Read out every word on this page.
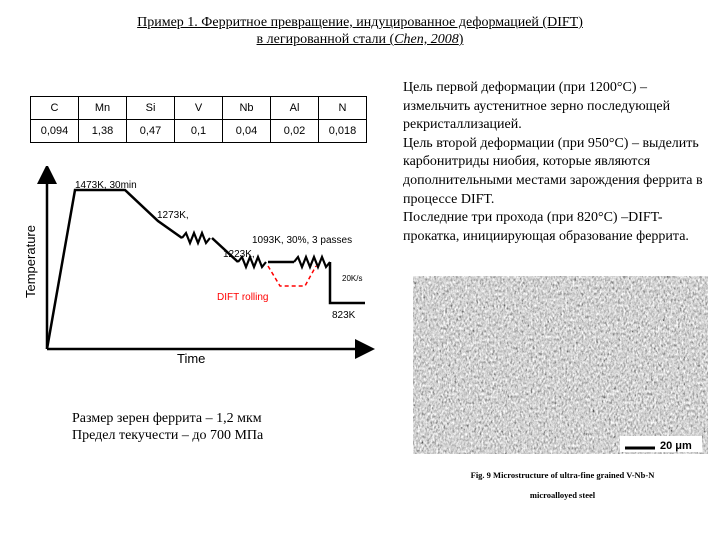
Пример 1. Ферритное превращение, индуцированное деформацией (DIFT)
в легированной стали (Chen, 2008)
C	Mn	Si	V	Nb	Al	N
0,094	1,38	0,47	0,1	0,04	0,02	0,018
1473K, 30min
1273K,
1093K, 30%, 3 passes
1223K,
20K/s
823K
DIFT rolling
Time
Temperature

Цель первой деформации (при 1200°С) – измельчить аустенитное зерно последующей рекристаллизацией.

Цель второй деформации (при 950°С) – выделить карбонитриды ниобия, которые являются дополнительными местами зарождения феррита в процессе DIFT.

Последние три прохода (при 820°С) –DIFT-прокатка, инициирующая образование феррита.

20 μm
Fig. 9 Microstructure of ultra-fine grained V-Nb-N
microalloyed steel
Размер зерен феррита – 1,2 мкм
Предел текучести – до 700 МПа
